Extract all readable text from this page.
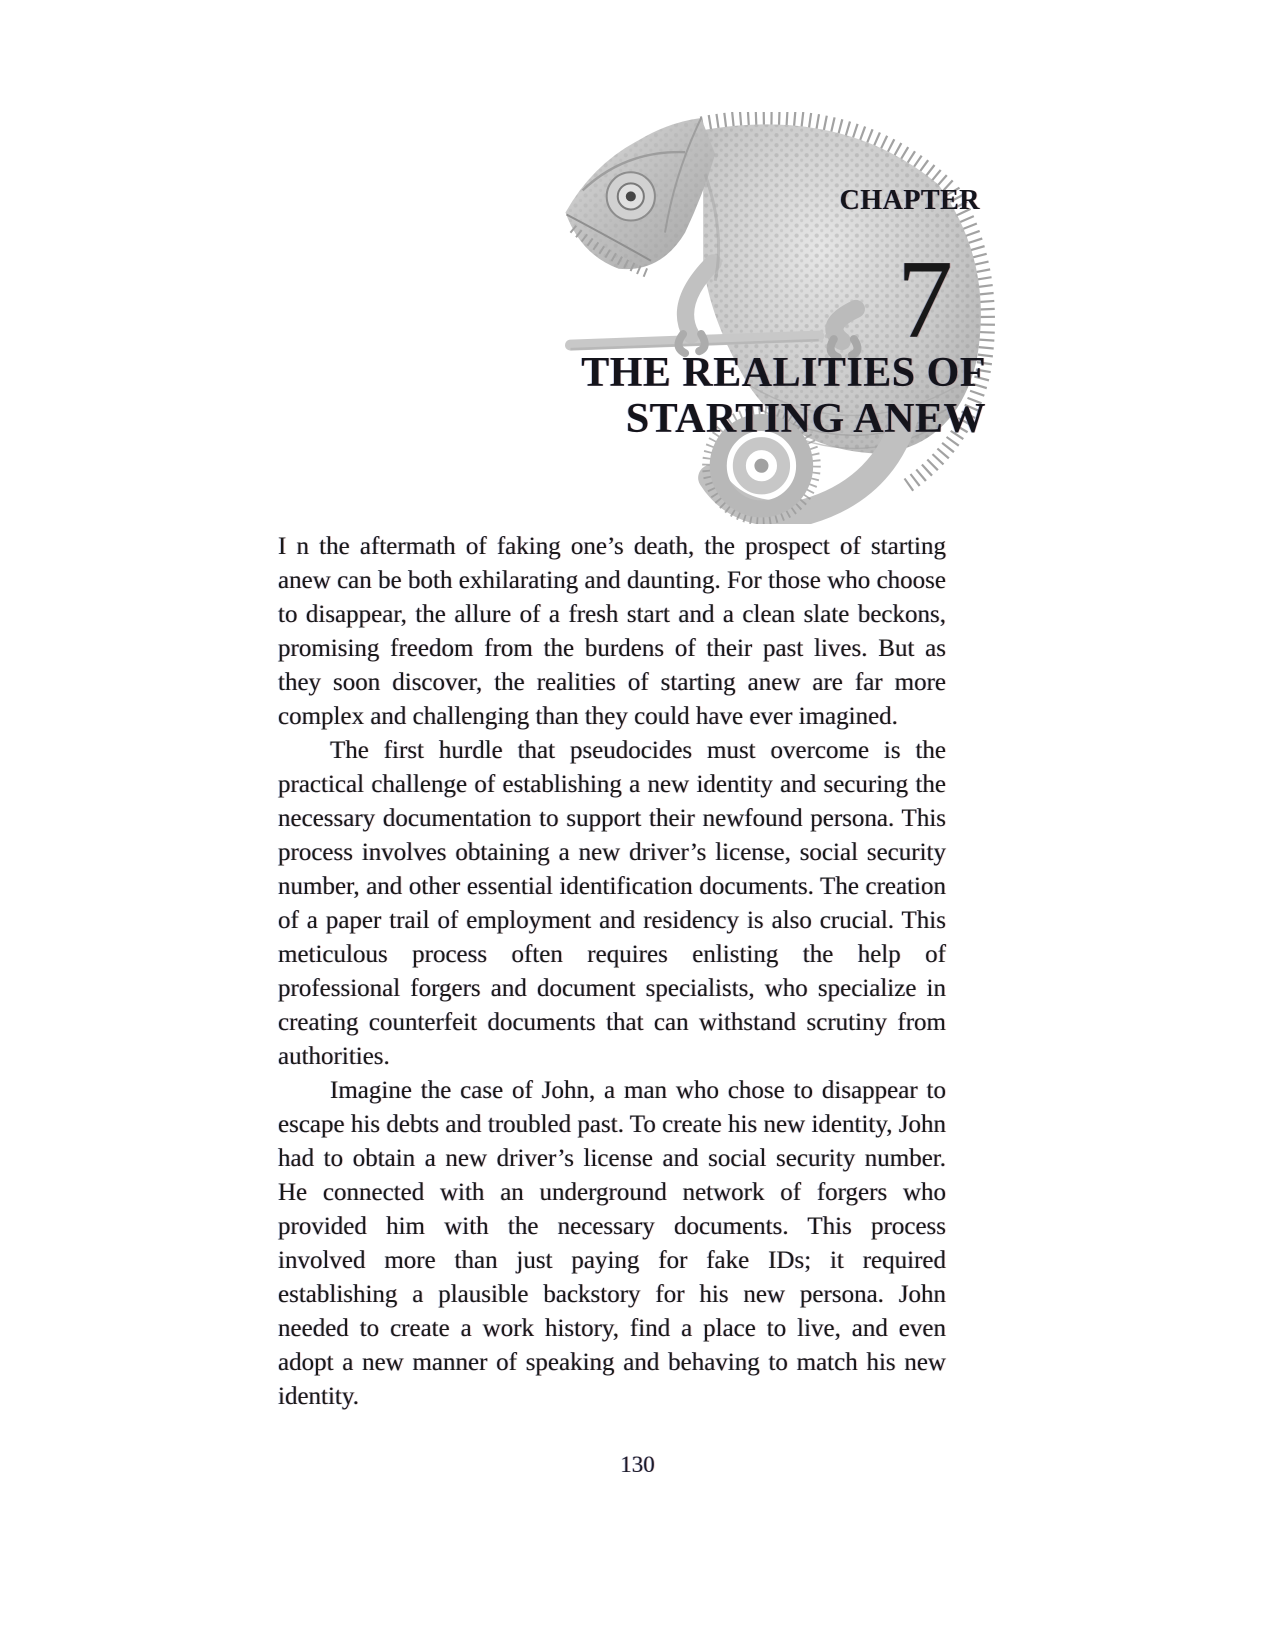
CHAPTER
7
THE REALITIES OF
STARTING ANEW

I n the aftermath of faking one’s death, the prospect of starting anew can be both exhilarating and daunting. For those who choose to disappear, the allure of a fresh start and a clean slate beckons, promising freedom from the burdens of their past lives. But as they soon discover, the realities of starting anew are far more complex and challenging than they could have ever imagined.

The first hurdle that pseudocides must overcome is the practical challenge of establishing a new identity and securing the necessary documentation to support their newfound persona. This process involves obtaining a new driver’s license, social security number, and other essential identification documents. The creation of a paper trail of employment and residency is also crucial. This meticulous process often requires enlisting the help of professional forgers and document specialists, who specialize in creating counterfeit documents that can withstand scrutiny from authorities.

Imagine the case of John, a man who chose to disappear to escape his debts and troubled past. To create his new identity, John had to obtain a new driver’s license and social security number. He connected with an underground network of forgers who provided him with the necessary documents. This process involved more than just paying for fake IDs; it required establishing a plausible backstory for his new persona. John needed to create a work history, find a place to live, and even adopt a new manner of speaking and behaving to match his new identity.

130
